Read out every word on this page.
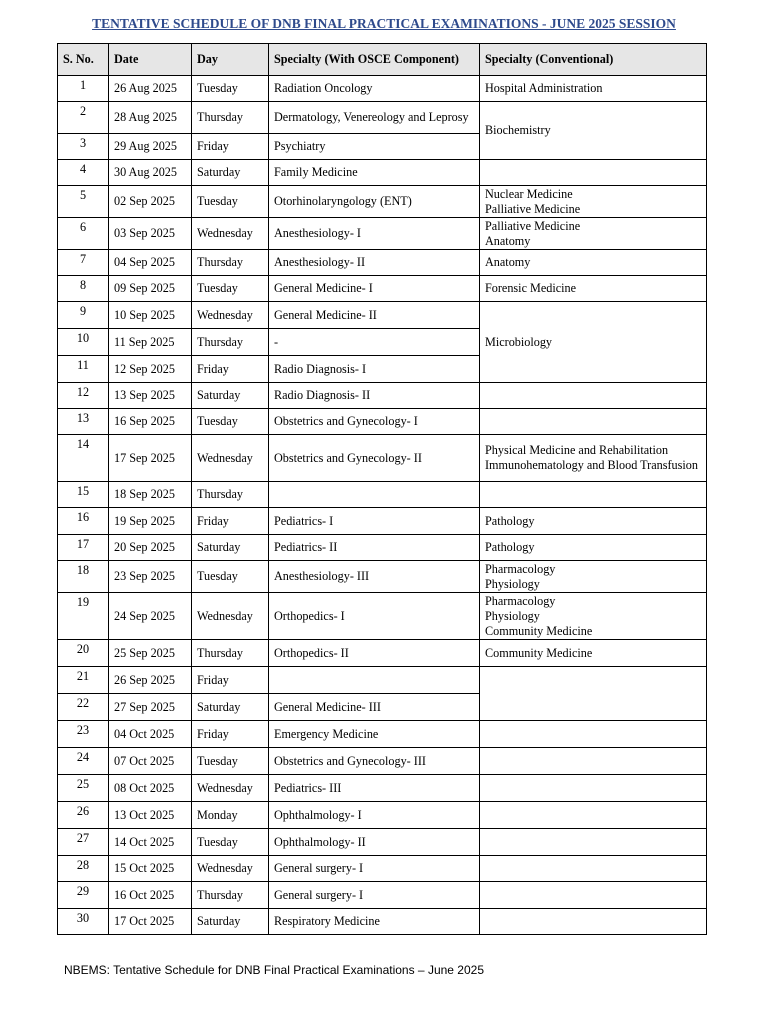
TENTATIVE SCHEDULE OF DNB FINAL PRACTICAL EXAMINATIONS - JUNE 2025 SESSION
S. No.	Date	Day	Specialty (With OSCE Component)	Specialty (Conventional)
1	26 Aug 2025	Tuesday	Radiation Oncology	Hospital Administration
2	28 Aug 2025	Thursday	Dermatology, Venereology and Leprosy	Biochemistry
3	29 Aug 2025	Friday	Psychiatry	
4	30 Aug 2025	Saturday	Family Medicine	
5	02 Sep 2025	Tuesday	Otorhinolaryngology (ENT)	Nuclear Medicine
Palliative Medicine

6	03 Sep 2025	Wednesday	Anesthesiology- I	Palliative Medicine
Anatomy

7	04 Sep 2025	Thursday	Anesthesiology- II	Anatomy
8	09 Sep 2025	Tuesday	General Medicine- I	Forensic Medicine
9	10 Sep 2025	Wednesday	General Medicine- II	Microbiology
10	11 Sep 2025	Thursday	-	
11	12 Sep 2025	Friday	Radio Diagnosis- I	
12	13 Sep 2025	Saturday	Radio Diagnosis- II	
13	16 Sep 2025	Tuesday	Obstetrics and Gynecology- I	
14	17 Sep 2025	Wednesday	Obstetrics and Gynecology- II	Physical Medicine and Rehabilitation
Immunohematology and Blood Transfusion

15	18 Sep 2025	Thursday		
16	19 Sep 2025	Friday	Pediatrics- I	Pathology
17	20 Sep 2025	Saturday	Pediatrics- II	Pathology
18	23 Sep 2025	Tuesday	Anesthesiology- III	Pharmacology
Physiology

19	24 Sep 2025	Wednesday	Orthopedics- I	Pharmacology
Physiology
Community Medicine

20	25 Sep 2025	Thursday	Orthopedics- II	Community Medicine
21	26 Sep 2025	Friday		
22	27 Sep 2025	Saturday	General Medicine- III	
23	04 Oct 2025	Friday	Emergency Medicine	
24	07 Oct 2025	Tuesday	Obstetrics and Gynecology- III	
25	08 Oct 2025	Wednesday	Pediatrics- III	
26	13 Oct 2025	Monday	Ophthalmology- I	
27	14 Oct 2025	Tuesday	Ophthalmology- II	
28	15 Oct 2025	Wednesday	General surgery- I	
29	16 Oct 2025	Thursday	General surgery- I	
30	17 Oct 2025	Saturday	Respiratory Medicine	
NBEMS: Tentative Schedule for DNB Final Practical Examinations – June 2025
